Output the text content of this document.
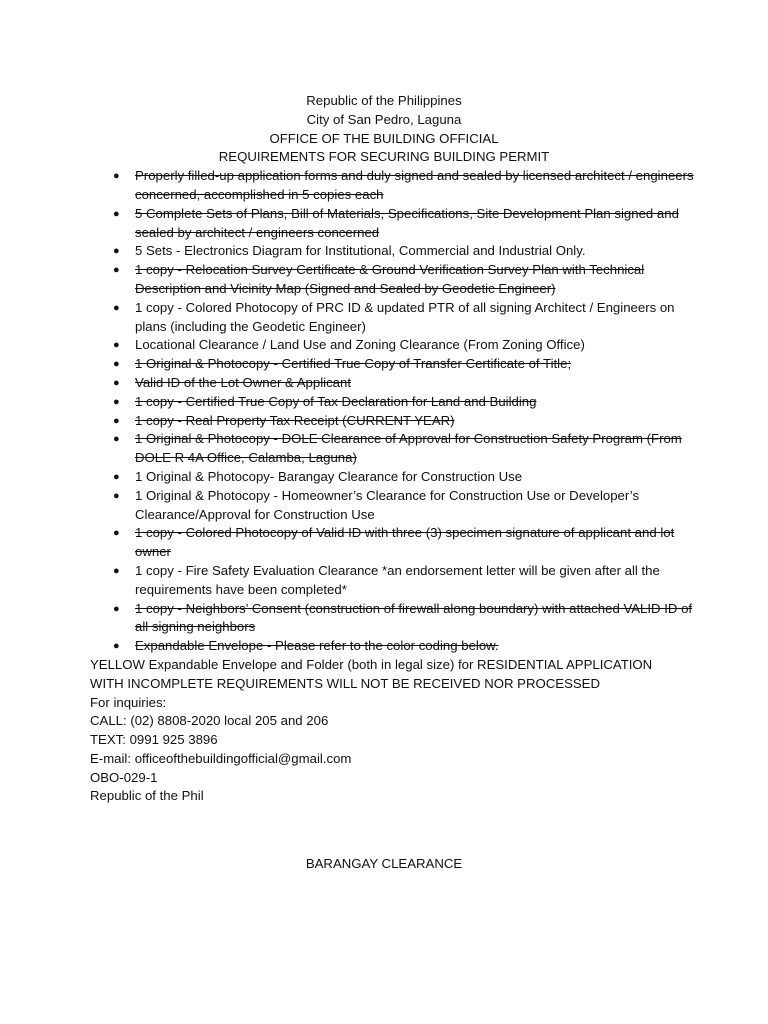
Republic of the Philippines
City of San Pedro, Laguna
OFFICE OF THE BUILDING OFFICIAL
REQUIREMENTS FOR SECURING BUILDING PERMIT
● Properly filled-up application forms and duly signed and sealed by licensed architect / engineers concerned, accomplished in 5 copies each
● 5 Complete Sets of Plans, Bill of Materials, Specifications, Site Development Plan signed and sealed by architect / engineers concerned
● 5 Sets - Electronics Diagram for Institutional, Commercial and Industrial Only.
● 1 copy - Relocation Survey Certificate & Ground Verification Survey Plan with Technical Description and Vicinity Map (Signed and Sealed by Geodetic Engineer)
● 1 copy - Colored Photocopy of PRC ID & updated PTR of all signing Architect / Engineers on plans (including the Geodetic Engineer)
● Locational Clearance / Land Use and Zoning Clearance (From Zoning Office)
● 1 Original & Photocopy - Certified True Copy of Transfer Certificate of Title;
● Valid ID of the Lot Owner & Applicant
● 1 copy - Certified True Copy of Tax Declaration for Land and Building
● 1 copy - Real Property Tax Receipt (CURRENT YEAR)
● 1 Original & Photocopy - DOLE Clearance of Approval for Construction Safety Program (From DOLE R 4A Office, Calamba, Laguna)
● 1 Original & Photocopy- Barangay Clearance for Construction Use
● 1 Original & Photocopy - Homeowner’s Clearance for Construction Use or Developer’s Clearance/Approval for Construction Use
● 1 copy - Colored Photocopy of Valid ID with three (3) specimen signature of applicant and lot owner
● 1 copy - Fire Safety Evaluation Clearance *an endorsement letter will be given after all the requirements have been completed*
● 1 copy - Neighbors’ Consent (construction of firewall along boundary) with attached VALID ID of all signing neighbors
● Expandable Envelope - Please refer to the color coding below.
YELLOW Expandable Envelope and Folder (both in legal size) for RESIDENTIAL APPLICATION WITH INCOMPLETE REQUIREMENTS WILL NOT BE RECEIVED NOR PROCESSED
For inquiries:
CALL: (02) 8808-2020 local 205 and 206
TEXT: 0991 925 3896
E-mail: officeofthebuildingofficial@gmail.com
OBO-029-1
Republic of the Phil
BARANGAY CLEARANCE
